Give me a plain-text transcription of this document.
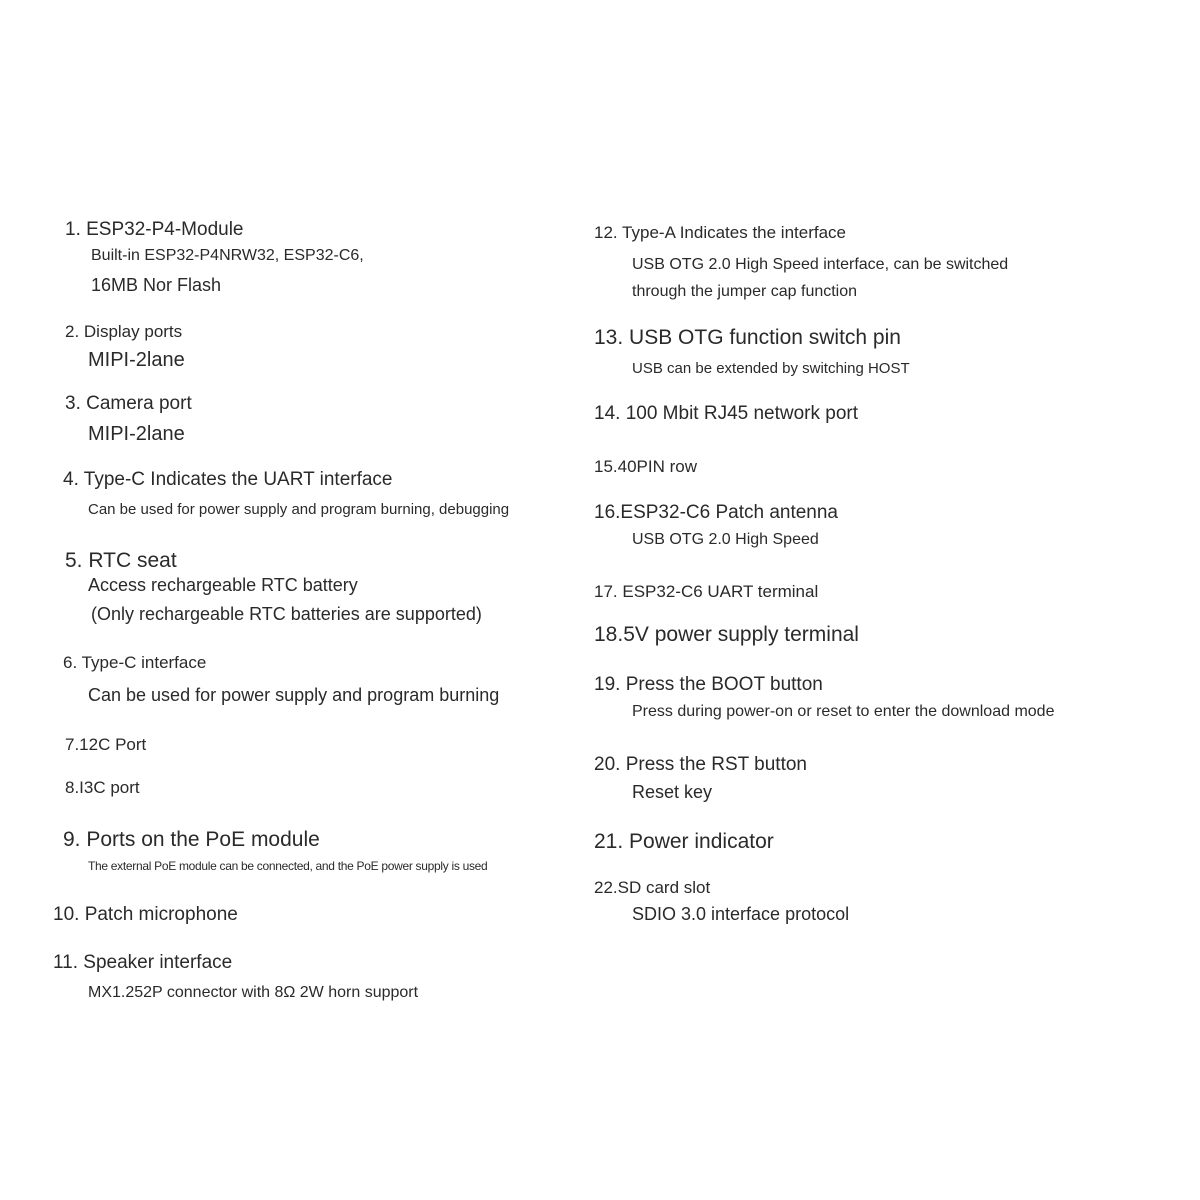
1. ESP32-P4-Module

Built-in ESP32-P4NRW32, ESP32-C6,

16MB Nor Flash

2. Display ports

MIPI-2lane

3. Camera port

MIPI-2lane

4. Type-C Indicates the UART interface

Can be used for power supply and program burning, debugging

5. RTC seat

Access rechargeable RTC battery

(Only rechargeable RTC batteries are supported)

6. Type-C interface

Can be used for power supply and program burning

7.12C Port

8.I3C port

9. Ports on the PoE module

The external PoE module can be connected, and the PoE power supply is used

10. Patch microphone

11. Speaker interface

MX1.252P connector with 8Ω 2W horn support

12. Type-A Indicates the interface

USB OTG 2.0 High Speed interface, can be switched

through the jumper cap function

13. USB OTG function switch pin

USB can be extended by switching HOST

14. 100 Mbit RJ45 network port

15.40PIN row

16.ESP32-C6 Patch antenna

USB OTG 2.0 High Speed

17. ESP32-C6 UART terminal

18.5V power supply terminal

19. Press the BOOT button

Press during power-on or reset to enter the download mode

20. Press the RST button

Reset key

21. Power indicator

22.SD card slot

SDIO 3.0 interface protocol
